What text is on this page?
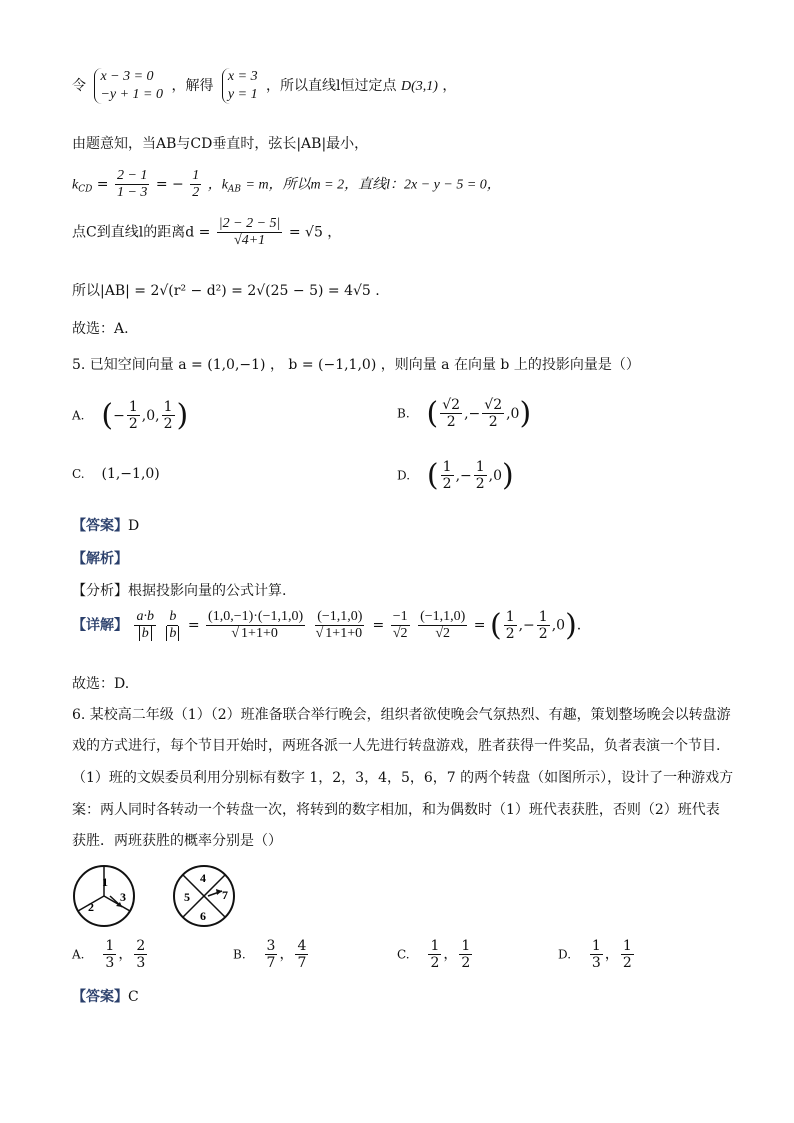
令
x − 3 = 0
−y + 1 = 0
，解得
x = 3
y = 1
，所以直线l恒过定点 D(3,1) ，
由题意知，当AB与CD垂直时，弦长|AB|最小，
$k_{CD} = \frac{2 - 1}{1 - 3}$ = − $\frac{1}{2}$ ，$k_{AB} = m$，所以m = 2，直线l：2x − y − 5 = 0，
点C到直线l的距离$d = \frac{|2 - 2 - 5|}{√4+1} = √5$ ，
所以|AB| = 2√(r² − d²) = 2√(25 − 5) = 4√5 .
故选：A.
5. 已知空间向量 a = (1,0,−1) ， b = (−1,1,0) ，则向量 a 在向量 b 上的投影向量是（）
A. (− $\frac{1}{2} ,0$, $\frac{1}{2}$ )	B. ( $\frac{√2}{2}$ ,− $\frac{√2}{2} ,0$)
C. (1,−1,0)	D. ( $\frac{1}{2}$ ,− $\frac{1}{2} ,0$)
【答案】D
【解析】
【分析】根据投影向量的公式计算.
【详解】 $\frac{a\cdot b}{b}$
$\frac{b}{b} = \frac{(1,0,-1)\cdot(-1,1,0)}{√ 1+1+0}$
$\frac{(-1,1,0)}{√ 1+1+0} = \frac{-1}{√2}$
$\frac{(-1,1,0)}{√2}$ = ( $\frac{1}{2}$ ,− $\frac{1}{2} ,0$).
故选：D.
6. 某校高二年级（1）（2）班准备联合举行晚会，组织者欲使晚会气氛热烈、有趣，策划整场晚会以转盘游
戏的方式进行，每个节目开始时，两班各派一人先进行转盘游戏，胜者获得一件奖品，负者表演一个节目.
（1）班的文娱委员利用分别标有数字 1，2，3，4，5，6，7 的两个转盘（如图所示），设计了一种游戏方
案：两人同时各转动一个转盘一次，将转到的数字相加，和为偶数时（1）班代表获胜，否则（2）班代表
获胜．两班获胜的概率分别是（）
1
2
3
4
5
6
7
A. $\frac{1}{3}$ ， $\frac{2}{3}$	B. $\frac{3}{7}$ ， $\frac{4}{7}$	C. $\frac{1}{2}$ ， $\frac{1}{2}$	D. $\frac{1}{3}$ ， $\frac{1}{2}$
【答案】C
